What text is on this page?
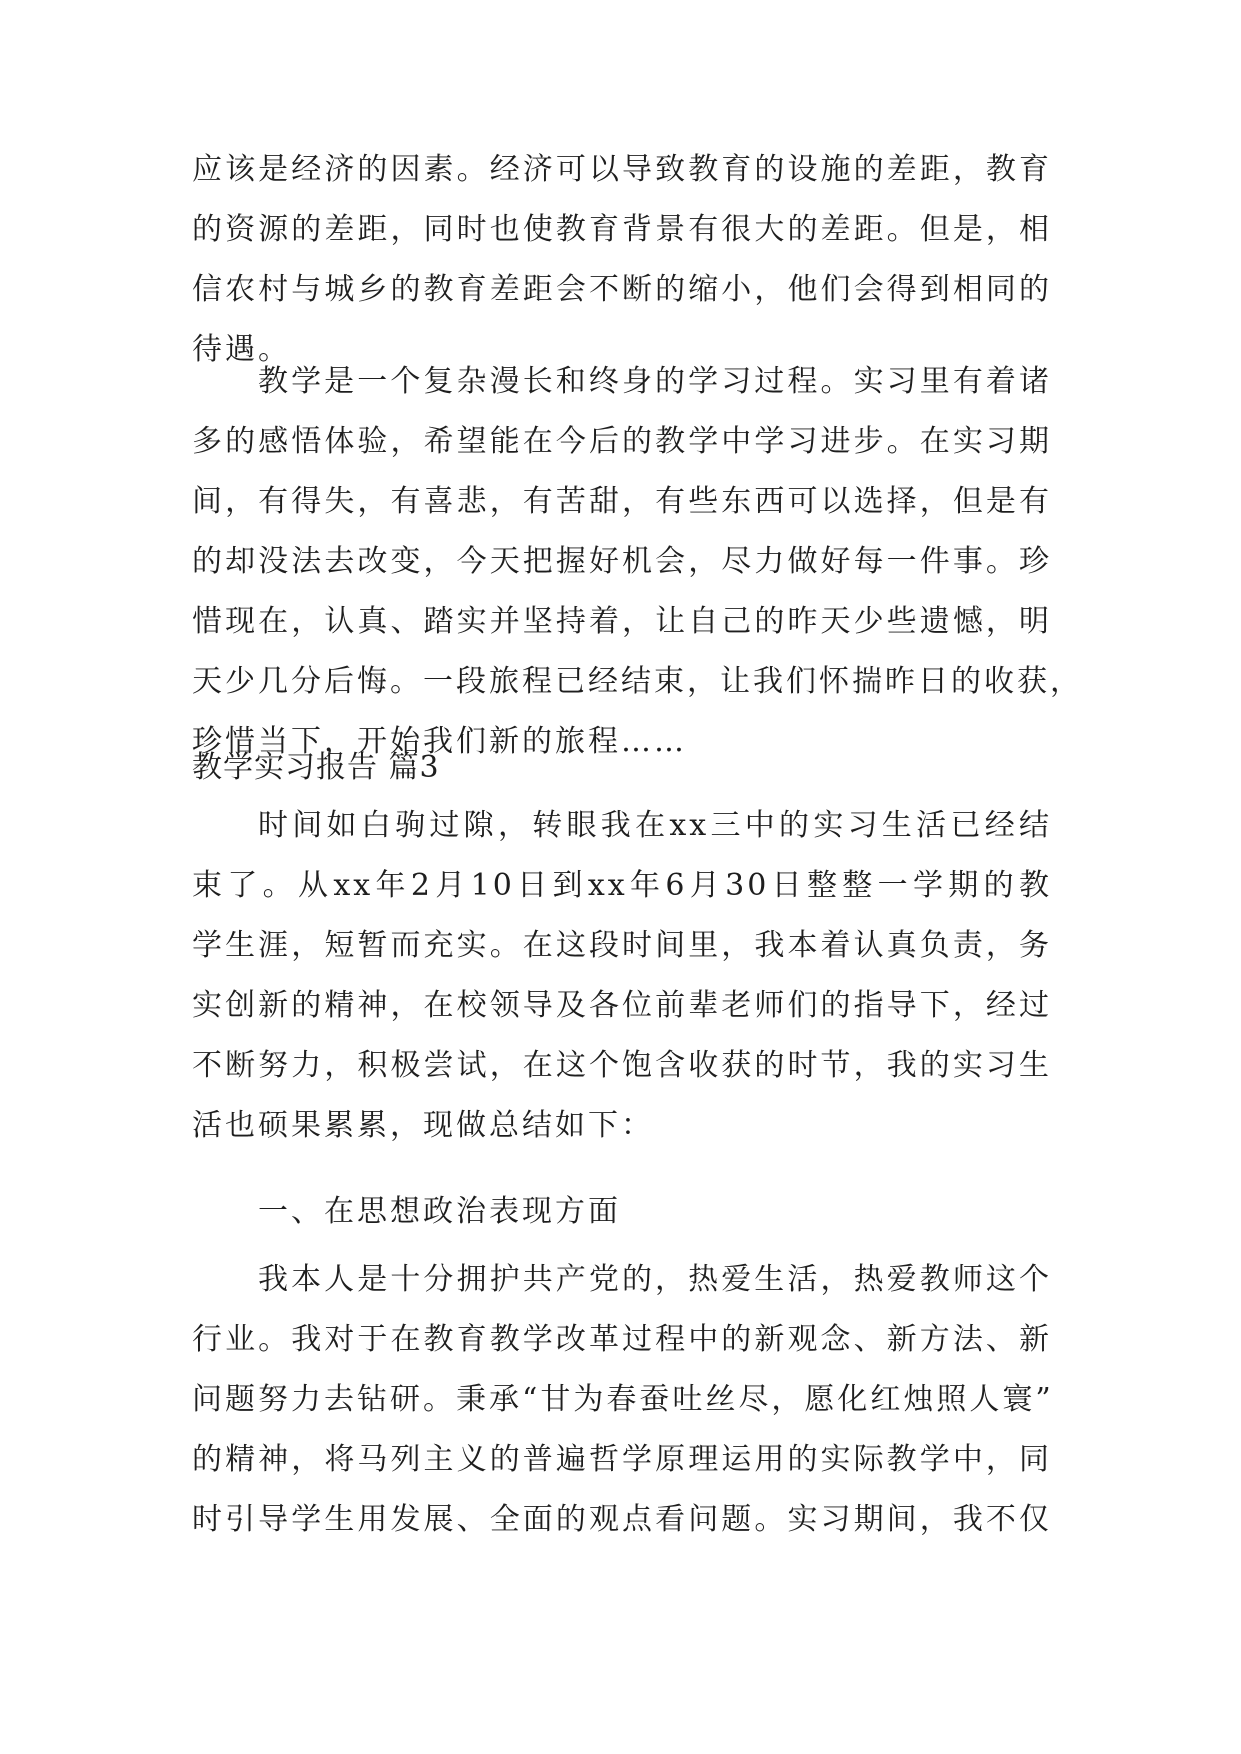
应该是经济的因素。经济可以导致教育的设施的差距，教育
的资源的差距，同时也使教育背景有很大的差距。但是，相
信农村与城乡的教育差距会不断的缩小，他们会得到相同的
待遇。
教学是一个复杂漫长和终身的学习过程。实习里有着诸
多的感悟体验，希望能在今后的教学中学习进步。在实习期
间，有得失，有喜悲，有苦甜，有些东西可以选择，但是有
的却没法去改变，今天把握好机会，尽力做好每一件事。珍
惜现在，认真、踏实并坚持着，让自己的昨天少些遗憾，明
天少几分后悔。一段旅程已经结束，让我们怀揣昨日的收获，
珍惜当下，开始我们新的旅程……
教学实习报告 篇3
时间如白驹过隙，转眼我在xx三中的实习生活已经结
束了。从xx年2月10日到xx年6月30日整整一学期的教
学生涯，短暂而充实。在这段时间里，我本着认真负责，务
实创新的精神，在校领导及各位前辈老师们的指导下，经过
不断努力，积极尝试，在这个饱含收获的时节，我的实习生
活也硕果累累，现做总结如下：
一、在思想政治表现方面
我本人是十分拥护共产党的，热爱生活，热爱教师这个
行业。我对于在教育教学改革过程中的新观念、新方法、新
问题努力去钻研。秉承“甘为春蚕吐丝尽，愿化红烛照人寰”
的精神，将马列主义的普遍哲学原理运用的实际教学中，同
时引导学生用发展、全面的观点看问题。实习期间，我不仅
